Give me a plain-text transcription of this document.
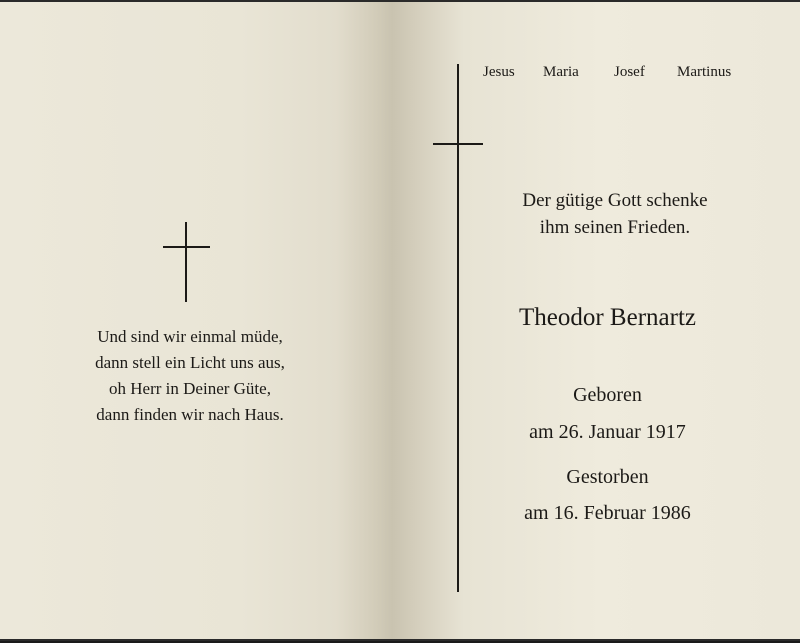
Und sind wir einmal müde,
dann stell ein Licht uns aus,
oh Herr in Deiner Güte,
dann finden wir nach Haus.
Jesus Maria Josef Martinus
Der gütige Gott schenke
ihm seinen Frieden.
Theodor Bernartz
Geboren
am 26. Januar 1917
Gestorben
am 16. Februar 1986
